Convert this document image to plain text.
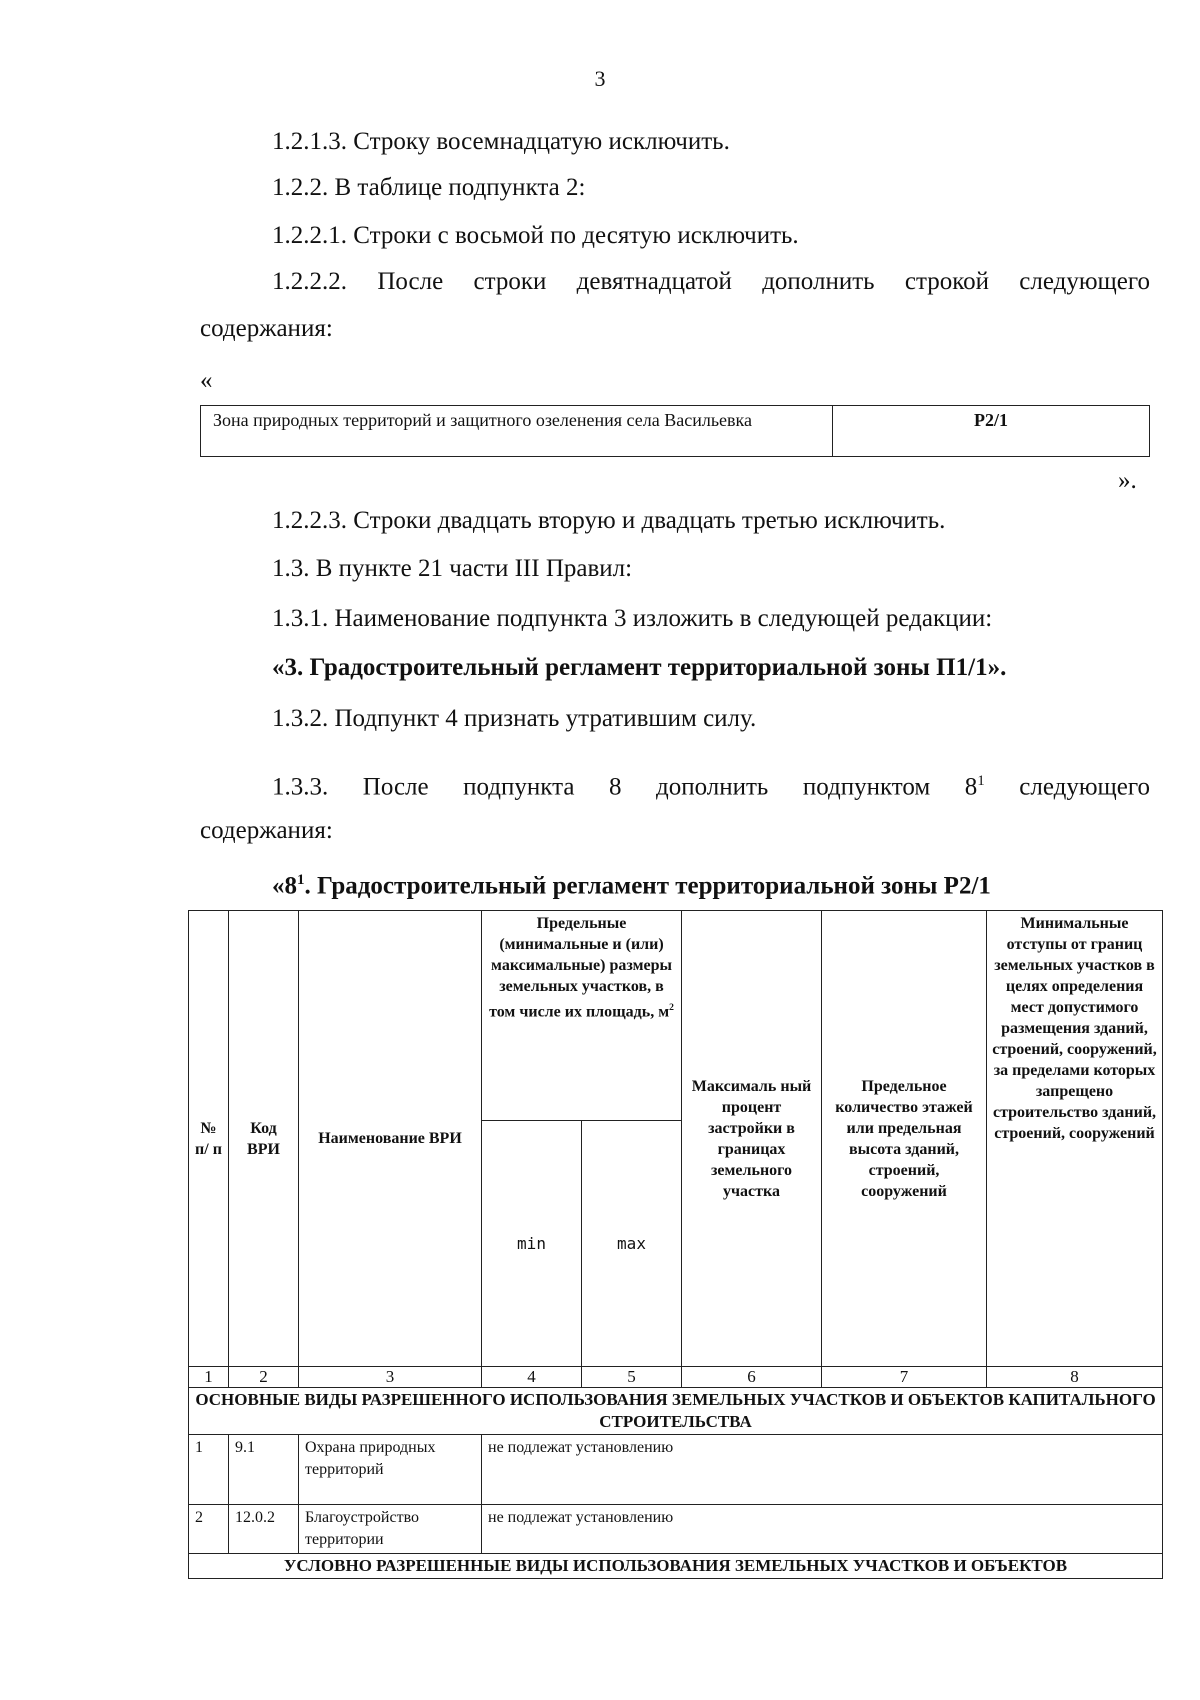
3
1.2.1.3. Строку восемнадцатую исключить.
1.2.2. В таблице подпункта 2:
1.2.2.1. Строки с восьмой по десятую исключить.
1.2.2.2. После строки девятнадцатой дополнить строкой следующего
содержания:
«
Зона природных территорий и защитного озеленения села Васильевка	Р2/1
».
1.2.2.3. Строки двадцать вторую и двадцать третью исключить.
1.3. В пункте 21 части III Правил:
1.3.1. Наименование подпункта 3 изложить в следующей редакции:
«3. Градостроительный регламент территориальной зоны П1/1».
1.3.2. Подпункт 4 признать утратившим силу.
1.3.3. После подпункта 8 дополнить подпунктом $8^1$ следующего
содержания:
«$8^1$. Градостроительный регламент территориальной зоны Р2/1
№ п/ п	Код ВРИ	Наименование ВРИ	Предельные (минимальные и (или) максимальные) размеры земельных участков, в том числе их площадь, $м^2$		Максималь ный процент застройки в границах земельного участка	Предельное количество этажей или предельная высота зданий, строений, сооружений	Минимальные отступы от границ земельных участков в целях определения мест допустимого размещения зданий, строений, сооружений, за пределами которых запрещено строительство зданий, строений, сооружений
			min	max			
1	2	3	4	5	6	7	8
ОСНОВНЫЕ ВИДЫ РАЗРЕШЕННОГО ИСПОЛЬЗОВАНИЯ ЗЕМЕЛЬНЫХ УЧАСТКОВ И ОБЪЕКТОВ КАПИТАЛЬНОГО СТРОИТЕЛЬСТВА							
1	9.1	Охрана природных территорий	не подлежат установлению				
2	12.0.2	Благоустройство территории	не подлежат установлению				
УСЛОВНО РАЗРЕШЕННЫЕ ВИДЫ ИСПОЛЬЗОВАНИЯ ЗЕМЕЛЬНЫХ УЧАСТКОВ И ОБЪЕКТОВ							
